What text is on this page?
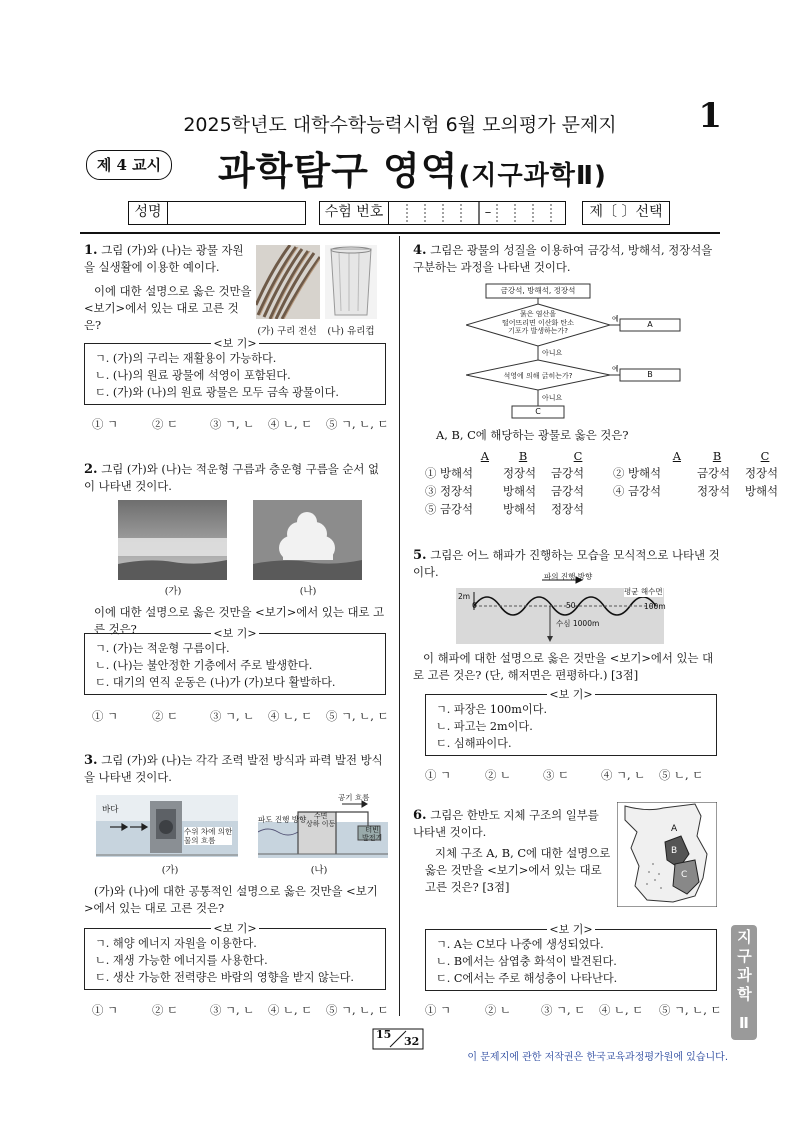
2025학년도 대학수학능력시험 6월 모의평가 문제지	1
제 4 교시 과학탐구 영역(지구과학Ⅱ)
성명	수험 번호	–	제〔 〕선택
1. 그림 (가)와 (나)는 광물 자원을 실생활에 이용한 예이다.
이에 대한 설명으로 옳은 것만을 <보기>에서 있는 대로 고른 것은?	(가) 구리 전선	(나) 유리컵
<보 기>
ㄱ. (가)의 구리는 재활용이 가능하다.
ㄴ. (나)의 원료 광물에 석영이 포함된다.
ㄷ. (가)와 (나)의 원료 광물은 모두 금속 광물이다.
① ㄱ	② ㄷ	③ ㄱ, ㄴ ④ ㄴ, ㄷ ⑤ ㄱ, ㄴ, ㄷ
2. 그림 (가)와 (나)는 적운형 구름과 층운형 구름을 순서 없이 나타낸 것이다.
(가)	(나)
이에 대한 설명으로 옳은 것만을 <보기>에서 있는 대로 고른 것은?	<보 기>
ㄱ. (가)는 적운형 구름이다.
ㄴ. (나)는 불안정한 기층에서 주로 발생한다.
ㄷ. 대기의 연직 운동은 (나)가 (가)보다 활발하다.
① ㄱ	② ㄷ	③ ㄱ, ㄴ ④ ㄴ, ㄷ ⑤ ㄱ, ㄴ, ㄷ
3. 그림 (가)와 (나)는 각각 조력 발전 방식과 파력 발전 방식을 나타낸 것이다.
바다
수위 차에 의한
물의 흐름
공기 흐름
파도 진행 방향	수면
상하 이동
터빈
발전기
(가)	(나)
(가)와 (나)에 대한 공통적인 설명으로 옳은 것만을 <보기>에서 있는 대로 고른 것은?
<보 기>
ㄱ. 해양 에너지 자원을 이용한다.
ㄴ. 재생 가능한 에너지를 사용한다.
ㄷ. 생산 가능한 전력량은 바람의 영향을 받지 않는다.
① ㄱ	② ㄷ	③ ㄱ, ㄴ ④ ㄴ, ㄷ ⑤ ㄱ, ㄴ, ㄷ
4. 그림은 광물의 성질을 이용하여 금강석, 방해석, 정장석을 구분하는 과정을 나타낸 것이다.
금강석, 방해석, 정장석
묽은 염산을
떨어뜨리면 이산화 탄소
기포가 발생하는가?
예
A
아니요
석영에 의해 긁히는가?
예
B
아니요
C
A, B, C에 해당하는 광물로 옳은 것은?
A	B	C	A	B	C
① 방해석	정장석	금강석	② 방해석	금강석	정장석
③ 정장석	방해석	금강석	④ 금강석	정장석	방해석
⑤ 금강석	방해석	정장석			
5. 그림은 어느 해파가 진행하는 모습을 모식적으로 나타낸 것이다.	파의 진행 방향
평균 해수면
2m
0	50	100m
수심 1000m
이 해파에 대한 설명으로 옳은 것만을 <보기>에서 있는 대로 고른 것은? (단, 해저면은 편평하다.) [3점]
<보 기>
ㄱ. 파장은 100m이다.
ㄴ. 파고는 2m이다.
ㄷ. 심해파이다.
① ㄱ	② ㄴ	③ ㄷ	④ ㄱ, ㄴ ⑤ ㄴ, ㄷ
6. 그림은 한반도 지체 구조의 일부를 나타낸 것이다.
지체 구조 A, B, C에 대한 설명으로 옳은 것만을 <보기>에서 있는 대로 고른 것은? [3점]
A
B
C
<보 기>
ㄱ. A는 C보다 나중에 생성되었다.
ㄴ. B에서는 삼엽충 화석이 발견된다.
ㄷ. C에서는 주로 해성층이 나타난다.
① ㄱ	② ㄴ	③ ㄱ, ㄷ ④ ㄴ, ㄷ ⑤ ㄱ, ㄴ, ㄷ 지구과학 Ⅱ
15
32
이 문제지에 관한 저작권은 한국교육과정평가원에 있습니다.
